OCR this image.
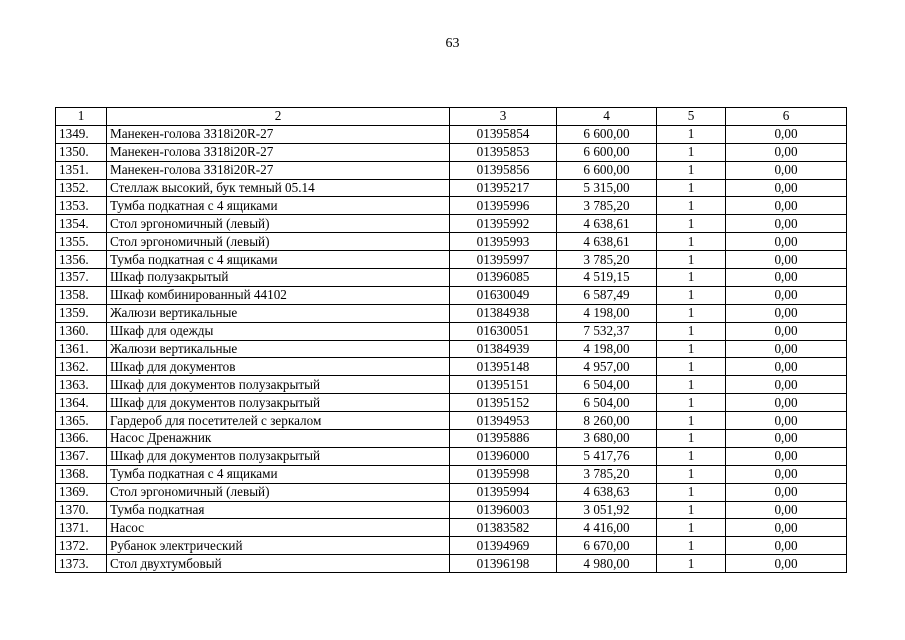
63
1	2	3	4	5	6
1349.	Манекен-голова ЗЗ18i20R-27	01395854	6 600,00	1	0,00
1350.	Манекен-голова ЗЗ18i20R-27	01395853	6 600,00	1	0,00
1351.	Манекен-голова ЗЗ18i20R-27	01395856	6 600,00	1	0,00
1352.	Стеллаж высокий, бук темный 05.14	01395217	5 315,00	1	0,00
1353.	Тумба подкатная с 4 ящиками	01395996	3 785,20	1	0,00
1354.	Стол эргономичный (левый)	01395992	4 638,61	1	0,00
1355.	Стол эргономичный (левый)	01395993	4 638,61	1	0,00
1356.	Тумба подкатная с 4 ящиками	01395997	3 785,20	1	0,00
1357.	Шкаф полузакрытый	01396085	4 519,15	1	0,00
1358.	Шкаф комбинированный 44102	01630049	6 587,49	1	0,00
1359.	Жалюзи вертикальные	01384938	4 198,00	1	0,00
1360.	Шкаф для одежды	01630051	7 532,37	1	0,00
1361.	Жалюзи вертикальные	01384939	4 198,00	1	0,00
1362.	Шкаф для документов	01395148	4 957,00	1	0,00
1363.	Шкаф для документов полузакрытый	01395151	6 504,00	1	0,00
1364.	Шкаф для документов полузакрытый	01395152	6 504,00	1	0,00
1365.	Гардероб для посетителей с зеркалом	01394953	8 260,00	1	0,00
1366.	Насос Дренажник	01395886	3 680,00	1	0,00
1367.	Шкаф для документов полузакрытый	01396000	5 417,76	1	0,00
1368.	Тумба подкатная с 4 ящиками	01395998	3 785,20	1	0,00
1369.	Стол эргономичный (левый)	01395994	4 638,63	1	0,00
1370.	Тумба подкатная	01396003	3 051,92	1	0,00
1371.	Насос	01383582	4 416,00	1	0,00
1372.	Рубанок электрический	01394969	6 670,00	1	0,00
1373.	Стол двухтумбовый	01396198	4 980,00	1	0,00
